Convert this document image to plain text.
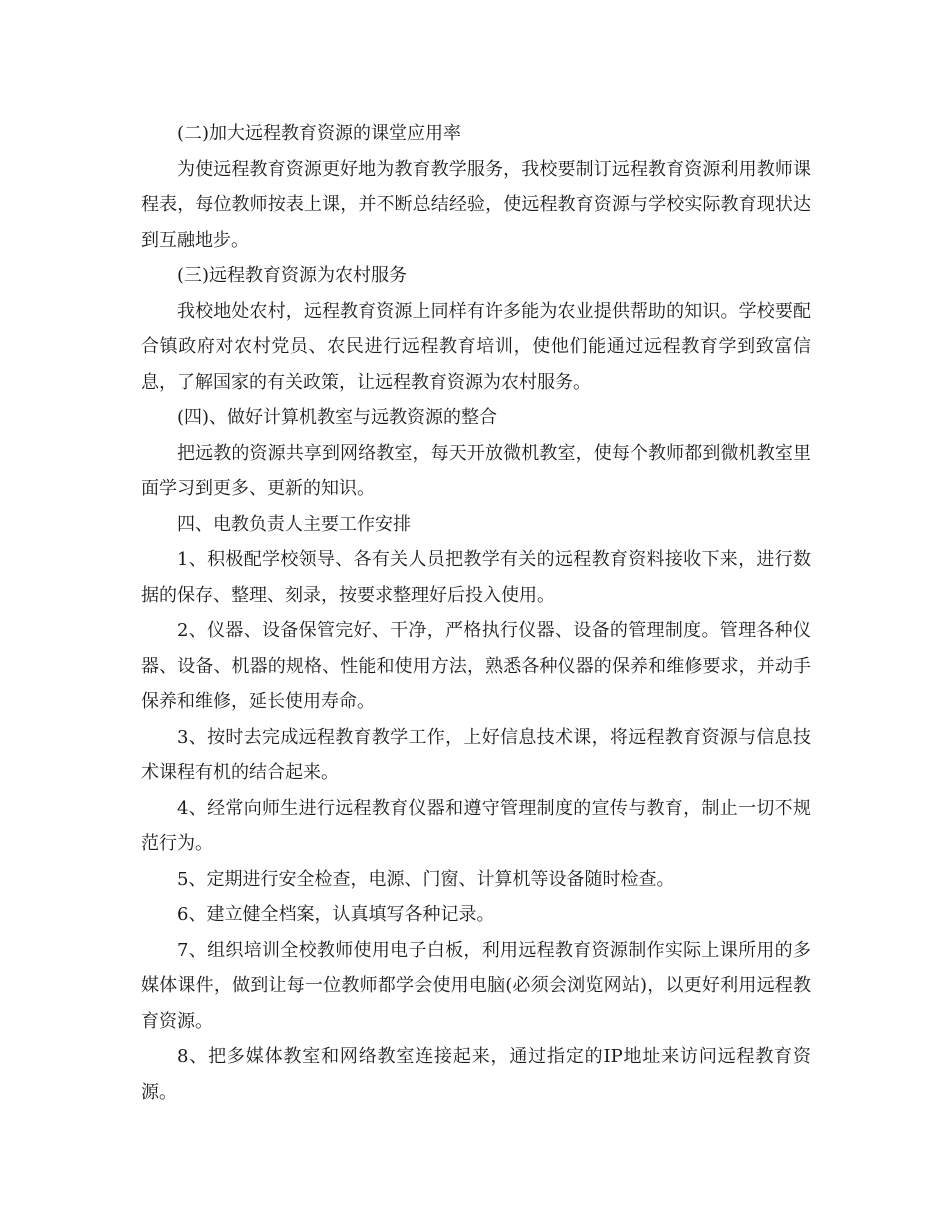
(二)加大远程教育资源的课堂应用率

为使远程教育资源更好地为教育教学服务，我校要制订远程教育资源利用教师课程表，每位教师按表上课，并不断总结经验，使远程教育资源与学校实际教育现状达到互融地步。

(三)远程教育资源为农村服务

我校地处农村，远程教育资源上同样有许多能为农业提供帮助的知识。学校要配合镇政府对农村党员、农民进行远程教育培训，使他们能通过远程教育学到致富信息，了解国家的有关政策，让远程教育资源为农村服务。

(四)、做好计算机教室与远教资源的整合

把远教的资源共享到网络教室，每天开放微机教室，使每个教师都到微机教室里面学习到更多、更新的知识。

四、电教负责人主要工作安排

1、积极配学校领导、各有关人员把教学有关的远程教育资料接收下来，进行数据的保存、整理、刻录，按要求整理好后投入使用。

2、仪器、设备保管完好、干净，严格执行仪器、设备的管理制度。管理各种仪器、设备、机器的规格、性能和使用方法，熟悉各种仪器的保养和维修要求，并动手保养和维修，延长使用寿命。

3、按时去完成远程教育教学工作，上好信息技术课，将远程教育资源与信息技术课程有机的结合起来。

4、经常向师生进行远程教育仪器和遵守管理制度的宣传与教育，制止一切不规范行为。

5、定期进行安全检查，电源、门窗、计算机等设备随时检查。

6、建立健全档案，认真填写各种记录。

7、组织培训全校教师使用电子白板，利用远程教育资源制作实际上课所用的多媒体课件，做到让每一位教师都学会使用电脑(必须会浏览网站)，以更好利用远程教育资源。

8、把多媒体教室和网络教室连接起来，通过指定的IP地址来访问远程教育资源。
